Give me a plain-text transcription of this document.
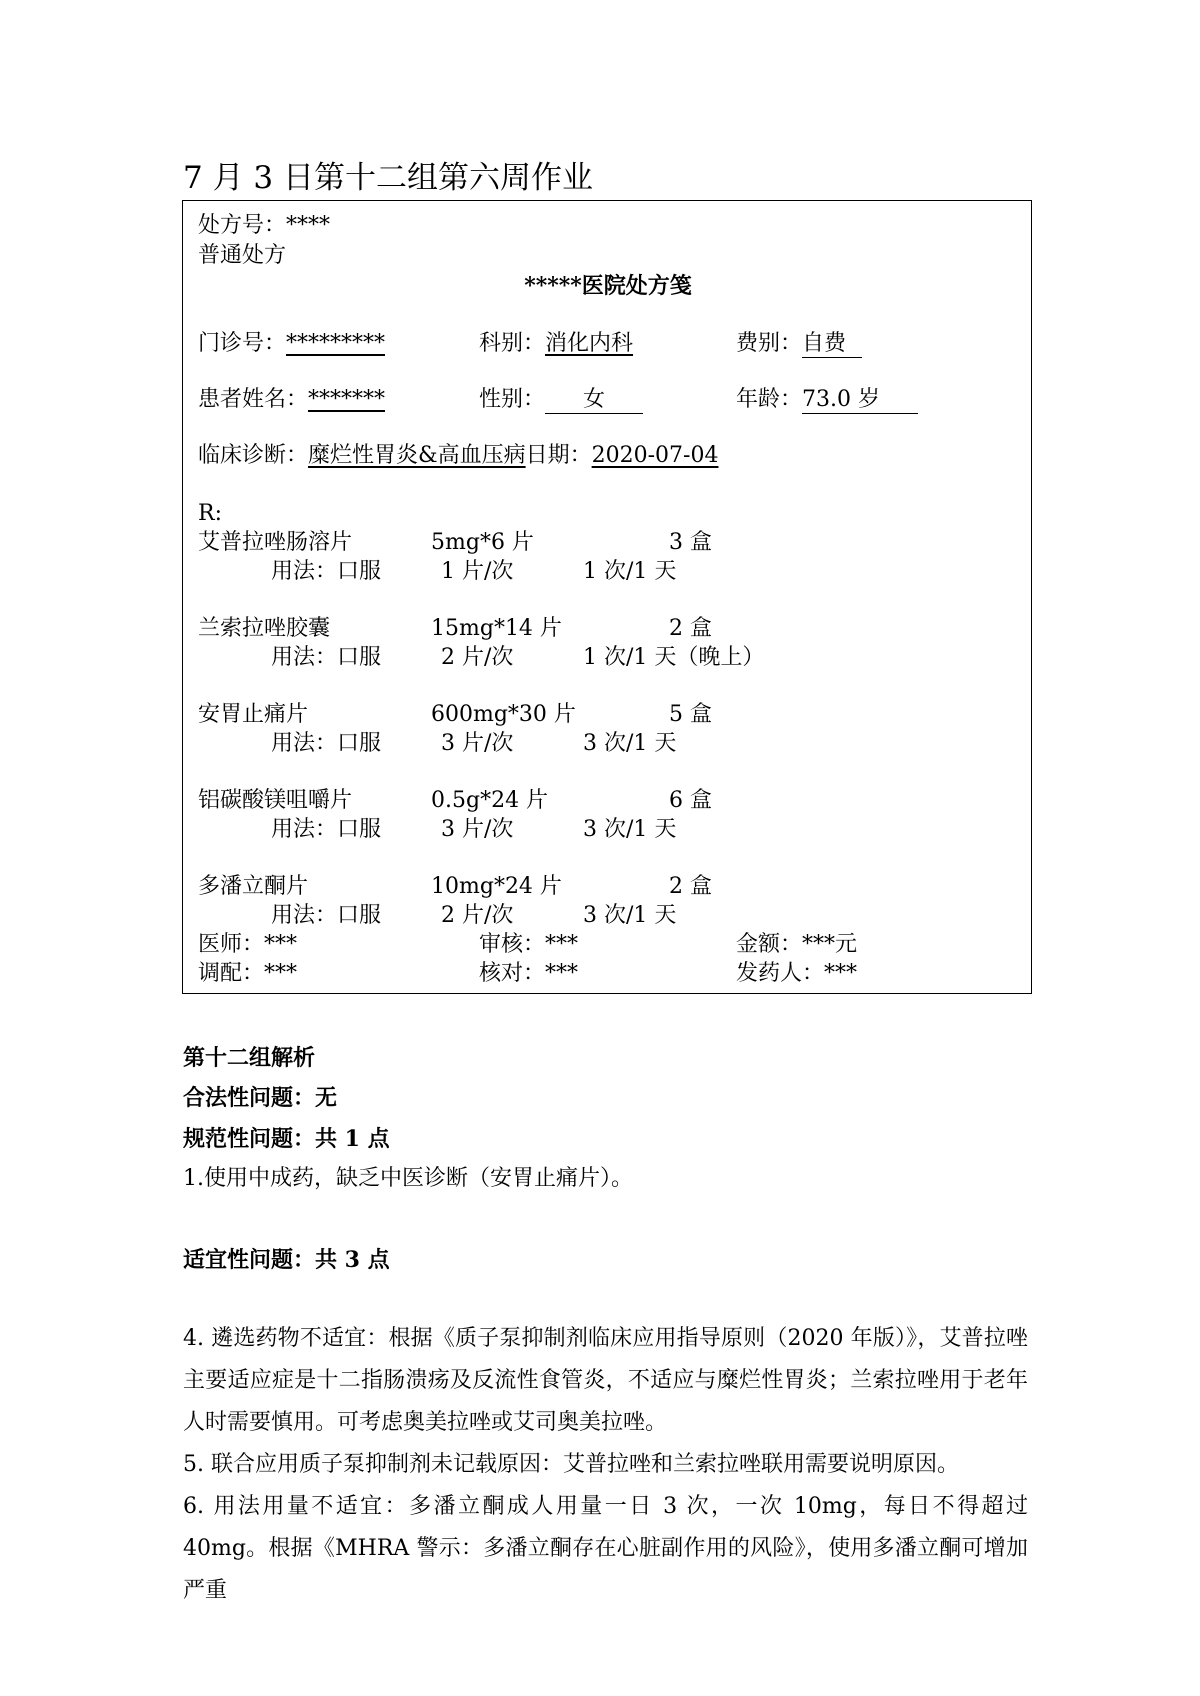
7 月 3 日第十二组第六周作业
处方号：****
普通处方
*****医院处方笺
门诊号：*********	科别：消化内科	费别：自费
患者姓名：*******	性别： 女	年龄：73.0 岁
临床诊断：糜烂性胃炎&高血压病日期：2020-07-04
R:
艾普拉唑肠溶片	5mg*6 片	3 盒
用法：口服	1 片/次	1 次/1 天
兰索拉唑胶囊	15mg*14 片	2 盒
用法：口服	2 片/次	1 次/1 天（晚上）
安胃止痛片	600mg*30 片	5 盒
用法：口服	3 片/次	3 次/1 天
铝碳酸镁咀嚼片	0.5g*24 片	6 盒
用法：口服	3 片/次	3 次/1 天
多潘立酮片	10mg*24 片	2 盒
用法：口服	2 片/次	3 次/1 天
医师：***	审核：***	金额：***元
调配：***	核对：***	发药人：***
第十二组解析
合法性问题：无
规范性问题：共 1 点
1.使用中成药，缺乏中医诊断（安胃止痛片）。
适宜性问题：共 3 点
4. 遴选药物不适宜：根据《质子泵抑制剂临床应用指导原则（2020 年版）》，艾普拉唑主要适应症是十二指肠溃疡及反流性食管炎，不适应与糜烂性胃炎；兰索拉唑用于老年人时需要慎用。可考虑奥美拉唑或艾司奥美拉唑。
5. 联合应用质子泵抑制剂未记载原因：艾普拉唑和兰索拉唑联用需要说明原因。
6. 用法用量不适宜：多潘立酮成人用量一日 3 次，一次 10mg，每日不得超过 40mg。根据《MHRA 警示：多潘立酮存在心脏副作用的风险》，使用多潘立酮可增加严重
